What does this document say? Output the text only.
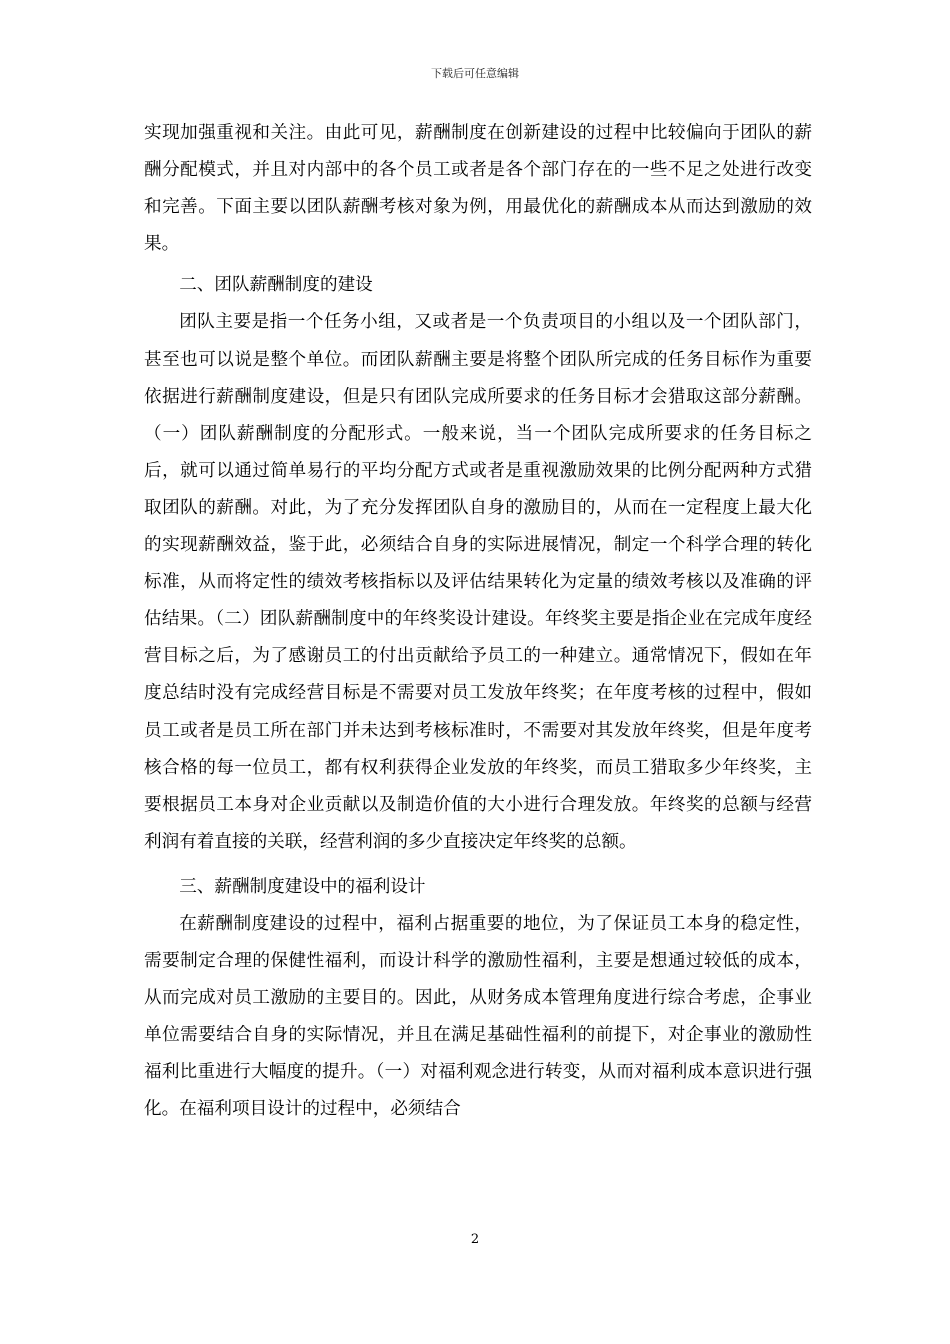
下载后可任意编辑

实现加强重视和关注。由此可见，薪酬制度在创新建设的过程中比较偏向于团队的薪酬分配模式，并且对内部中的各个员工或者是各个部门存在的一些不足之处进行改变和完善。下面主要以团队薪酬考核对象为例，用最优化的薪酬成本从而达到激励的效果。

二、团队薪酬制度的建设

团队主要是指一个任务小组，又或者是一个负责项目的小组以及一个团队部门，甚至也可以说是整个单位。而团队薪酬主要是将整个团队所完成的任务目标作为重要依据进行薪酬制度建设，但是只有团队完成所要求的任务目标才会猎取这部分薪酬。（一）团队薪酬制度的分配形式。一般来说，当一个团队完成所要求的任务目标之后，就可以通过简单易行的平均分配方式或者是重视激励效果的比例分配两种方式猎取团队的薪酬。对此，为了充分发挥团队自身的激励目的，从而在一定程度上最大化的实现薪酬效益，鉴于此，必须结合自身的实际进展情况，制定一个科学合理的转化标准，从而将定性的绩效考核指标以及评估结果转化为定量的绩效考核以及准确的评估结果。（二）团队薪酬制度中的年终奖设计建设。年终奖主要是指企业在完成年度经营目标之后，为了感谢员工的付出贡献给予员工的一种建立。通常情况下，假如在年度总结时没有完成经营目标是不需要对员工发放年终奖；在年度考核的过程中，假如员工或者是员工所在部门并未达到考核标准时，不需要对其发放年终奖，但是年度考核合格的每一位员工，都有权利获得企业发放的年终奖，而员工猎取多少年终奖，主要根据员工本身对企业贡献以及制造价值的大小进行合理发放。年终奖的总额与经营利润有着直接的关联，经营利润的多少直接决定年终奖的总额。

三、薪酬制度建设中的福利设计

在薪酬制度建设的过程中，福利占据重要的地位，为了保证员工本身的稳定性，需要制定合理的保健性福利，而设计科学的激励性福利，主要是想通过较低的成本，从而完成对员工激励的主要目的。因此，从财务成本管理角度进行综合考虑，企事业单位需要结合自身的实际情况，并且在满足基础性福利的前提下，对企事业的激励性福利比重进行大幅度的提升。（一）对福利观念进行转变，从而对福利成本意识进行强化。在福利项目设计的过程中，必须结合

2
